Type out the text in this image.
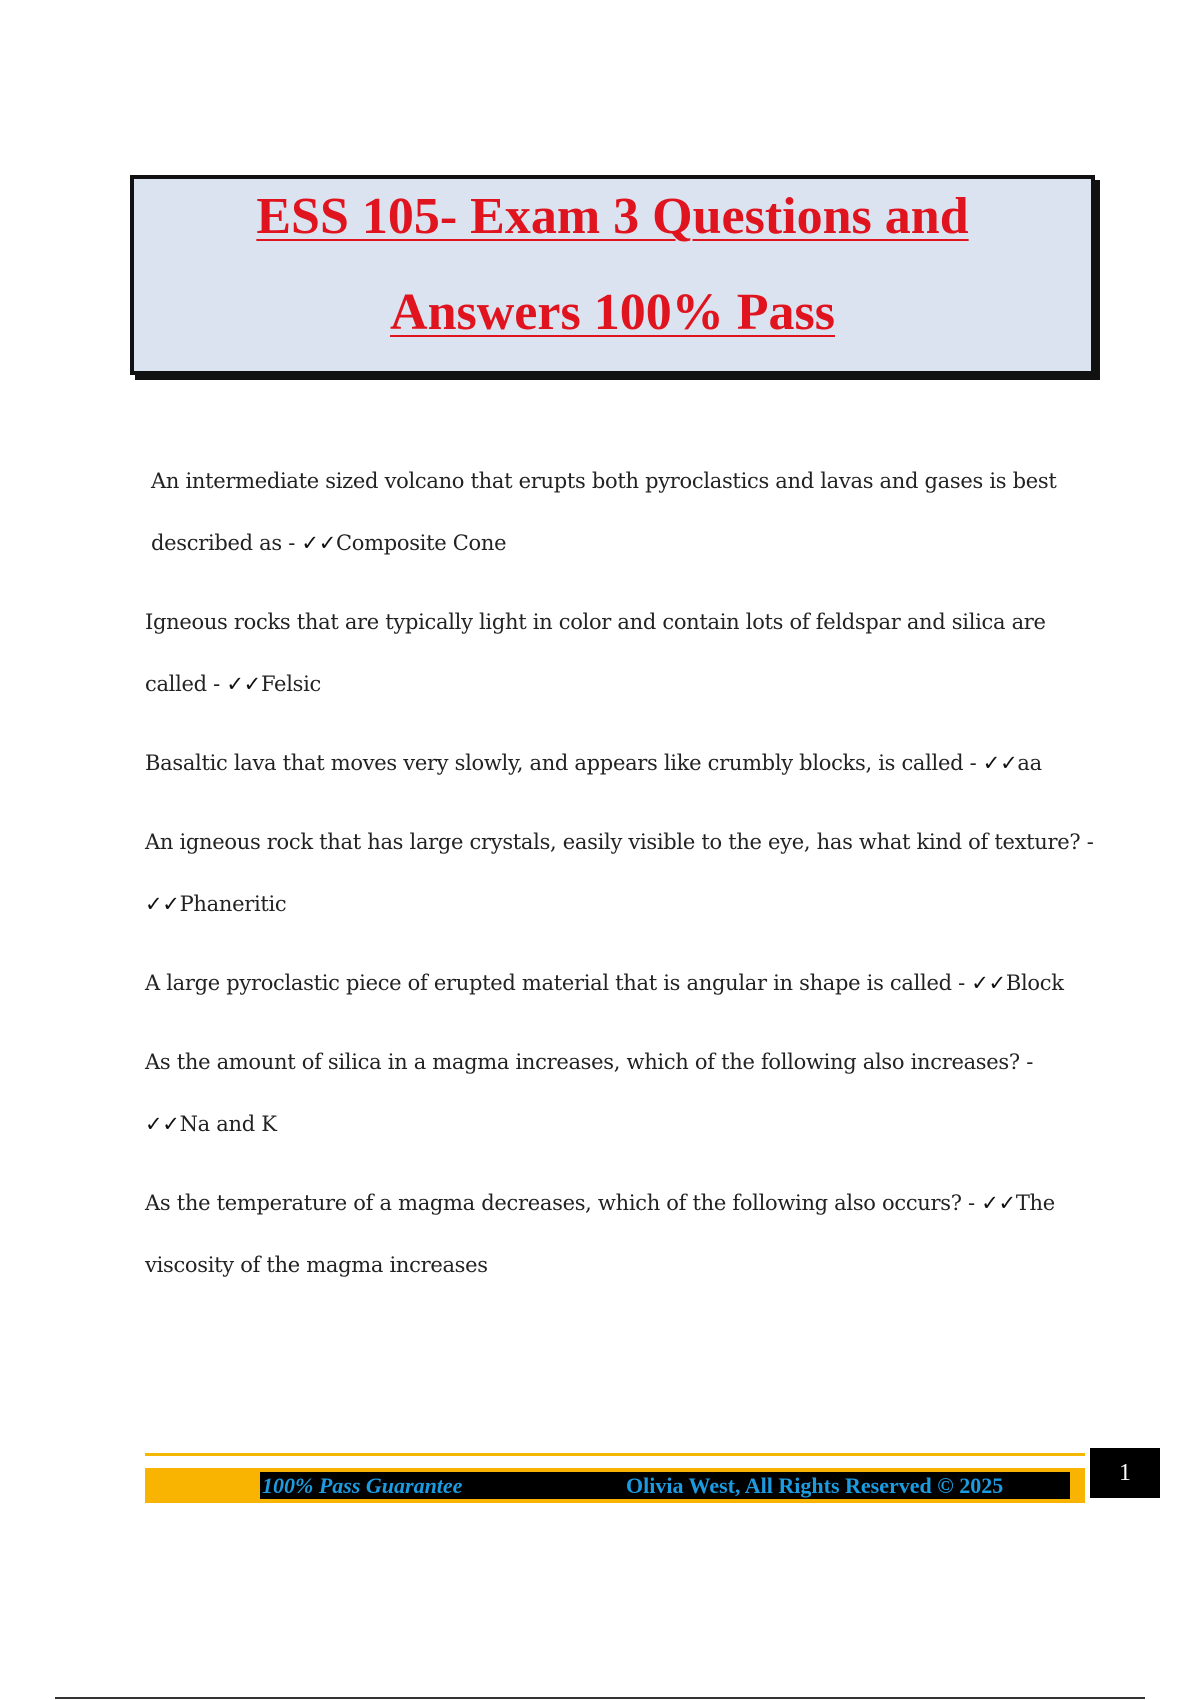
ESS 105- Exam 3 Questions and
Answers 100% Pass
An intermediate sized volcano that erupts both pyroclastics and lavas and gases is best described as - ✓✓Composite Cone
Igneous rocks that are typically light in color and contain lots of feldspar and silica are called - ✓✓Felsic
Basaltic lava that moves very slowly, and appears like crumbly blocks, is called - ✓✓aa
An igneous rock that has large crystals, easily visible to the eye, has what kind of texture? - ✓✓Phaneritic
A large pyroclastic piece of erupted material that is angular in shape is called - ✓✓Block
As the amount of silica in a magma increases, which of the following also increases? - ✓✓Na and K
As the temperature of a magma decreases, which of the following also occurs? - ✓✓The viscosity of the magma increases
100% Pass Guarantee	Olivia West, All Rights Reserved © 2025	1
